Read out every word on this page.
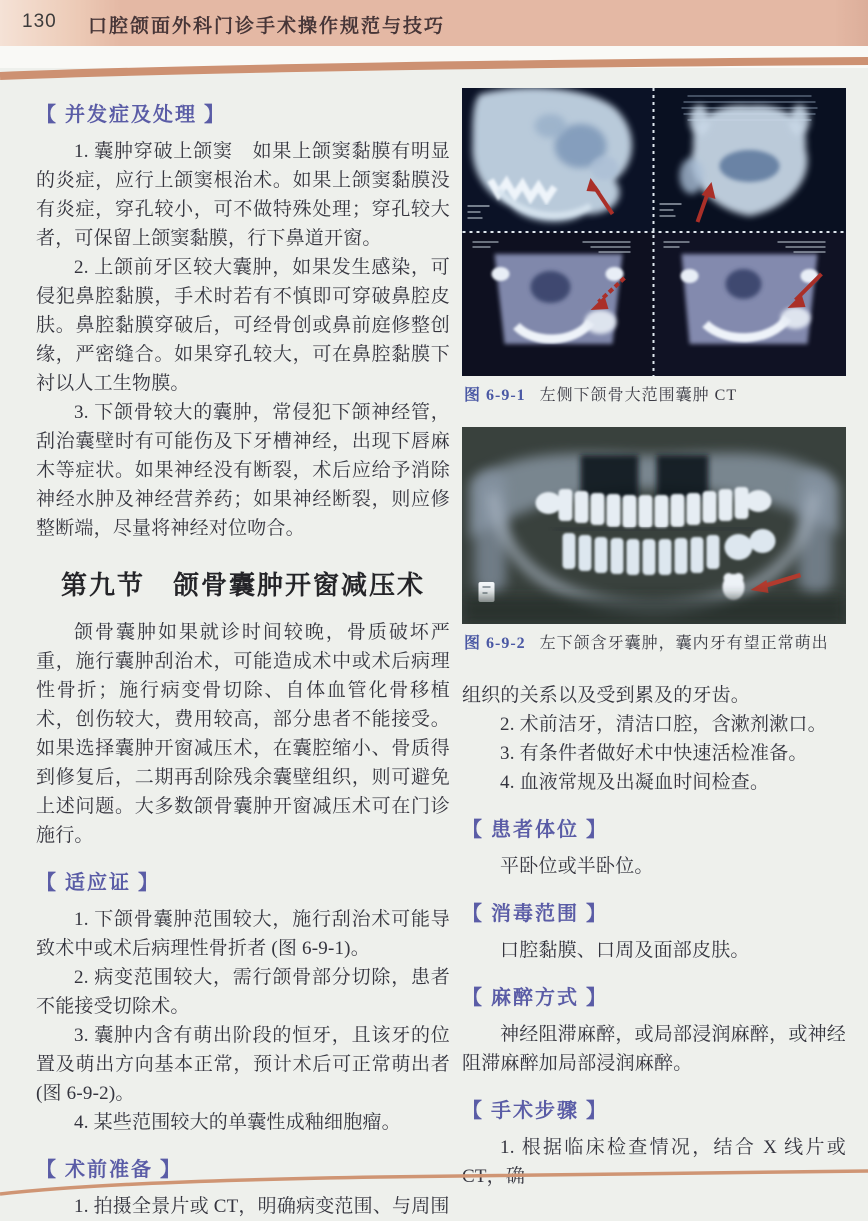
130 口腔颌面外科门诊手术操作规范与技巧
【 并发症及处理 】

1. 囊肿穿破上颌窦　如果上颌窦黏膜有明显的炎症，应行上颌窦根治术。如果上颌窦黏膜没有炎症，穿孔较小，可不做特殊处理；穿孔较大者，可保留上颌窦黏膜，行下鼻道开窗。

2. 上颌前牙区较大囊肿，如果发生感染，可侵犯鼻腔黏膜，手术时若有不慎即可穿破鼻腔皮肤。鼻腔黏膜穿破后，可经骨创或鼻前庭修整创缘，严密缝合。如果穿孔较大，可在鼻腔黏膜下衬以人工生物膜。

3. 下颌骨较大的囊肿，常侵犯下颌神经管，刮治囊壁时有可能伤及下牙槽神经，出现下唇麻木等症状。如果神经没有断裂，术后应给予消除神经水肿及神经营养药；如果神经断裂，则应修整断端，尽量将神经对位吻合。

第九节　颌骨囊肿开窗减压术

颌骨囊肿如果就诊时间较晚，骨质破坏严重，施行囊肿刮治术，可能造成术中或术后病理性骨折；施行病变骨切除、自体血管化骨移植术，创伤较大，费用较高，部分患者不能接受。如果选择囊肿开窗减压术，在囊腔缩小、骨质得到修复后，二期再刮除残余囊壁组织，则可避免上述问题。大多数颌骨囊肿开窗减压术可在门诊施行。

【 适应证 】

1. 下颌骨囊肿范围较大，施行刮治术可能导致术中或术后病理性骨折者 (图 6-9-1)。

2. 病变范围较大，需行颌骨部分切除，患者不能接受切除术。

3. 囊肿内含有萌出阶段的恒牙，且该牙的位置及萌出方向基本正常，预计术后可正常萌出者 (图 6-9-2)。

4. 某些范围较大的单囊性成釉细胞瘤。

【 术前准备 】

1. 拍摄全景片或 CT，明确病变范围、与周围

图 6-9-1 左侧下颌骨大范围囊肿 CT
图 6-9-2 左下颌含牙囊肿，囊内牙有望正常萌出

组织的关系以及受到累及的牙齿。

2. 术前洁牙，清洁口腔，含漱剂漱口。

3. 有条件者做好术中快速活检准备。

4. 血液常规及出凝血时间检查。

【 患者体位 】

平卧位或半卧位。

【 消毒范围 】

口腔黏膜、口周及面部皮肤。

【 麻醉方式 】

神经阻滞麻醉，或局部浸润麻醉，或神经阻滞麻醉加局部浸润麻醉。

【 手术步骤 】

1. 根据临床检查情况，结合 X 线片或 CT，确
